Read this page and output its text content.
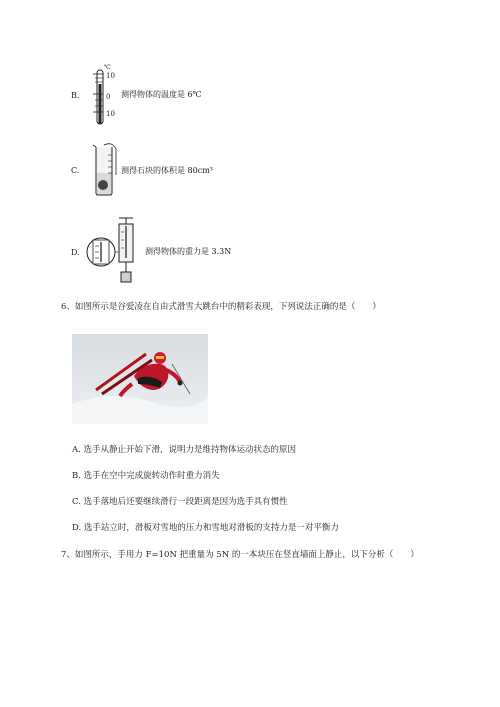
B.
℃
10
0
10
测得物体的温度是 6℃
C.	测得石块的体积是 80cm³
D.	测得物体的重力是 3.3N
6、如图所示是谷爱凌在自由式滑雪大跳台中的精彩表现，下列说法正确的是（　　）
A. 选手从静止开始下滑，说明力是维持物体运动状态的原因
B. 选手在空中完成旋转动作时重力消失
C. 选手落地后还要继续滑行一段距离是因为选手具有惯性
D. 选手站立时，滑板对雪地的压力和雪地对滑板的支持力是一对平衡力
7、如图所示，手用力 F=10N 把重量为 5N 的一本块压在竖直墙面上静止，以下分析（　　）
